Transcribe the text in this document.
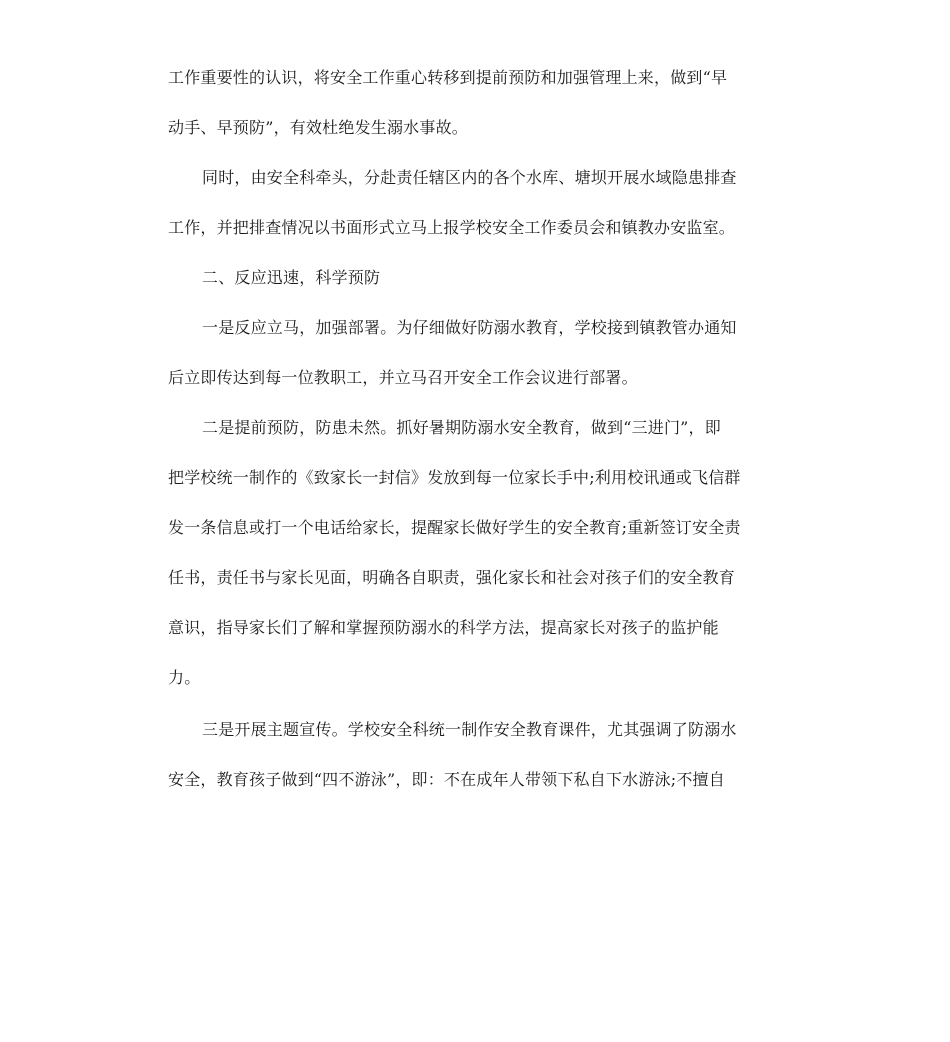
工作重要性的认识，将安全工作重心转移到提前预防和加强管理上来，做到“早

动手、早预防”，有效杜绝发生溺水事故。

同时，由安全科牵头，分赴责任辖区内的各个水库、塘坝开展水域隐患排查

工作，并把排查情况以书面形式立马上报学校安全工作委员会和镇教办安监室。

二、反应迅速，科学预防

一是反应立马，加强部署。为仔细做好防溺水教育，学校接到镇教管办通知

后立即传达到每一位教职工，并立马召开安全工作会议进行部署。

二是提前预防，防患未然。抓好暑期防溺水安全教育，做到“三进门”，即

把学校统一制作的《致家长一封信》发放到每一位家长手中;利用校讯通或飞信群

发一条信息或打一个电话给家长，提醒家长做好学生的安全教育;重新签订安全责

任书，责任书与家长见面，明确各自职责，强化家长和社会对孩子们的安全教育

意识，指导家长们了解和掌握预防溺水的科学方法，提高家长对孩子的监护能

力。

三是开展主题宣传。学校安全科统一制作安全教育课件，尤其强调了防溺水

安全，教育孩子做到“四不游泳”，即：不在成年人带领下私自下水游泳;不擅自
